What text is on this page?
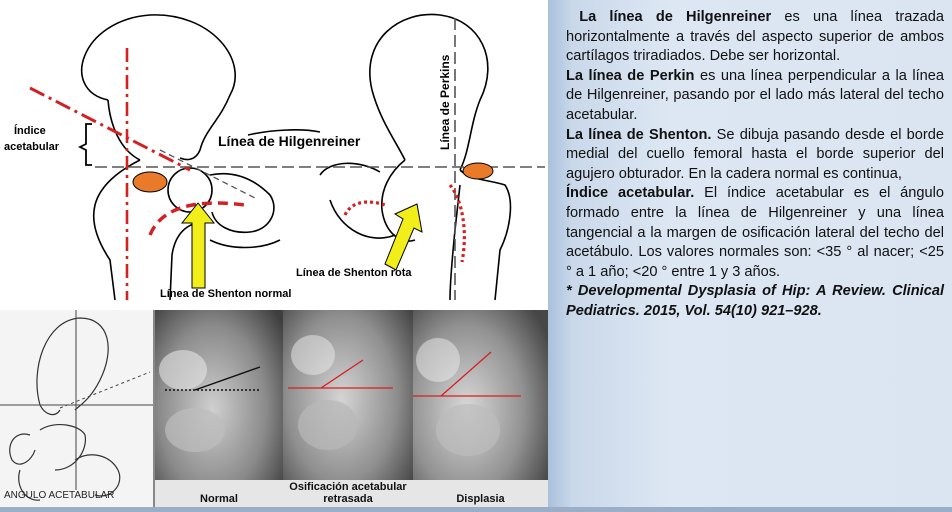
Índice
acetabular	Línea de Hilgenreiner	Línea de Perkins
Línea de Shenton rota
Línea de Shenton normal
ANGULO ACETABULAR	Normal
Osificación acetabular retrasada	Displasia

La línea de Hilgenreiner es una línea trazada horizontalmente a través del aspecto superior de ambos cartílagos triradiados. Debe ser horizontal.

La línea de Perkin es una línea perpendicular a la línea de Hilgenreiner, pasando por el lado más lateral del techo acetabular.

La línea de Shenton. Se dibuja pasando desde el borde medial del cuello femoral hasta el borde superior del agujero obturador. En la cadera normal es continua,

Índice acetabular. El índice acetabular es el ángulo formado entre la línea de Hilgenreiner y una línea tangencial a la margen de osificación lateral del techo del acetábulo. Los valores normales son: <35 ° al nacer; <25 ° a 1 año; <20 ° entre 1 y 3 años.

* Developmental Dysplasia of Hip: A Review. Clinical Pediatrics. 2015, Vol. 54(10) 921–928.
